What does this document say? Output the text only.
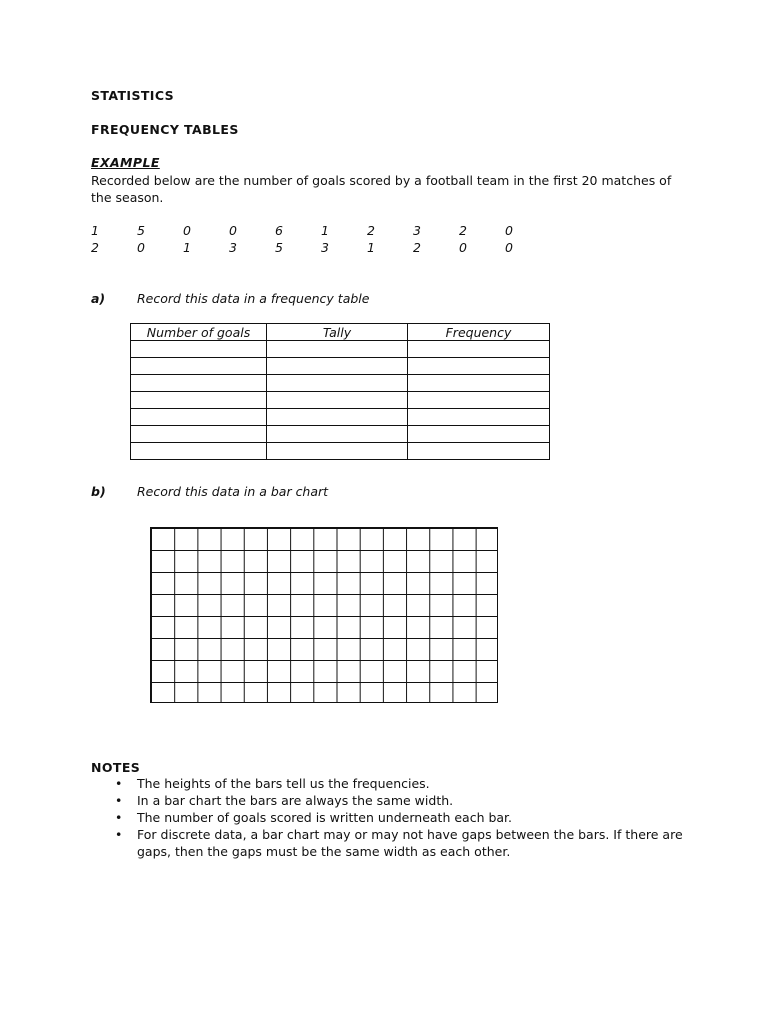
STATISTICS
FREQUENCY TABLES
EXAMPLE
Recorded below are the number of goals scored by a football team in the first 20 matches of
the season.
1	5	0	0	6	1	2	3	2	0
2	0	1	3	5	3	1	2	0	0
a)	Record this data in a frequency table
Number of goals	Tally	Frequency

b)	Record this data in a bar chart
NOTES
• The heights of the bars tell us the frequencies.
• In a bar chart the bars are always the same width.
• The number of goals scored is written underneath each bar.
• For discrete data, a bar chart may or may not have gaps between the bars. If there are
gaps, then the gaps must be the same width as each other.
